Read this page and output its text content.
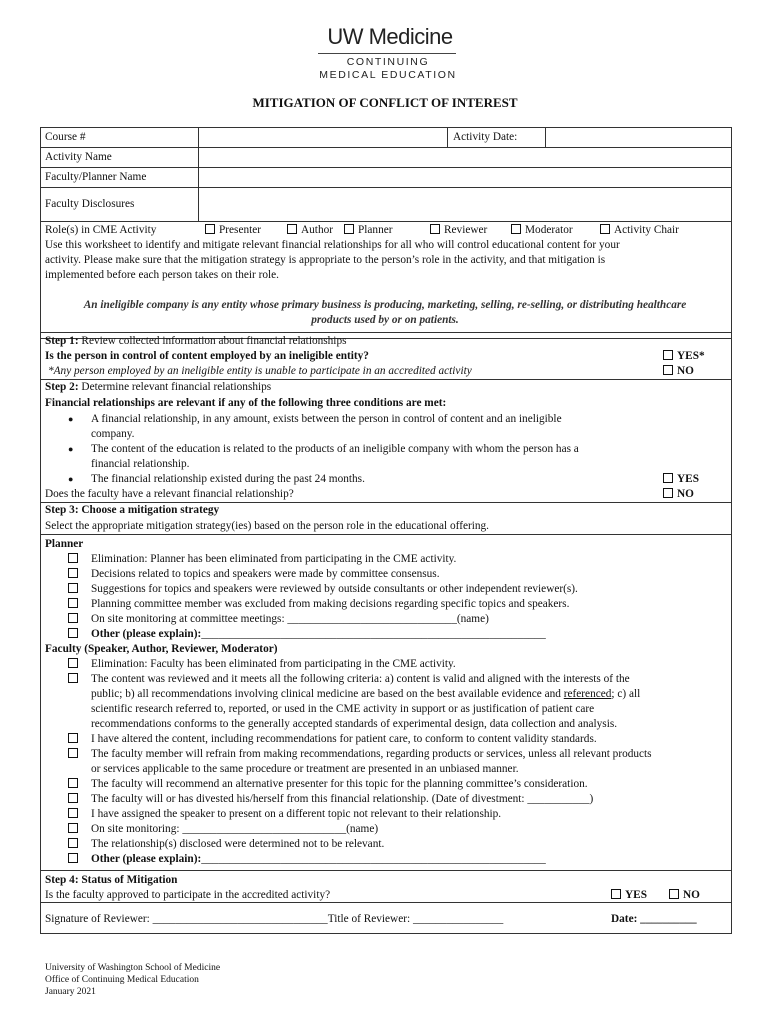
UW Medicine
CONTINUING
MEDICAL EDUCATION
MITIGATION OF CONFLICT OF INTEREST
Course #	Activity Date:
Activity Name
Faculty/Planner Name
Faculty Disclosures
Role(s) in CME Activity	Presenter	Author	Planner	Reviewer	Moderator	Activity Chair
Use this worksheet to identify and mitigate relevant financial relationships for all who will control educational content for your
activity. Please make sure that the mitigation strategy is appropriate to the person’s role in the activity, and that mitigation is
implemented before each person takes on their role.
An ineligible company is any entity whose primary business is producing, marketing, selling, re-selling, or distributing healthcare
products used by or on patients.
Step 1: Review collected information about financial relationships
Is the person in control of content employed by an ineligible entity?
*Any person employed by an ineligible entity is unable to participate in an accredited activity
YES*
NO
Step 2: Determine relevant financial relationships
Financial relationships are relevant if any of the following three conditions are met:
● A financial relationship, in any amount, exists between the person in control of content and an ineligible
company.
● The content of the education is related to the products of an ineligible company with whom the person has a
financial relationship.
● The financial relationship existed during the past 24 months.
Does the faculty have a relevant financial relationship?
YES
NO
Step 3: Choose a mitigation strategy
Select the appropriate mitigation strategy(ies) based on the person role in the educational offering.
Planner
Elimination: Planner has been eliminated from participating in the CME activity.
Decisions related to topics and speakers were made by committee consensus.
Suggestions for topics and speakers were reviewed by outside consultants or other independent reviewer(s).
Planning committee member was excluded from making decisions regarding specific topics and speakers.
On site monitoring at committee meetings: ______________________________(name)
Other (please explain):_____________________________________________________________
Faculty (Speaker, Author, Reviewer, Moderator)
Elimination: Faculty has been eliminated from participating in the CME activity.
The content was reviewed and it meets all the following criteria: a) content is valid and aligned with the interests of the
public; b) all recommendations involving clinical medicine are based on the best available evidence and referenced; c) all
scientific research referred to, reported, or used in the CME activity in support or as justification of patient care
recommendations conforms to the generally accepted standards of experimental design, data collection and analysis.
I have altered the content, including recommendations for patient care, to conform to content validity standards.
The faculty member will refrain from making recommendations, regarding products or services, unless all relevant products
or services applicable to the same procedure or treatment are presented in an unbiased manner.
The faculty will recommend an alternative presenter for this topic for the planning committee’s consideration.
The faculty will or has divested his/herself from this financial relationship. (Date of divestment: ___________)
I have assigned the speaker to present on a different topic not relevant to their relationship.
On site monitoring: _____________________________(name)
The relationship(s) disclosed were determined not to be relevant.
Other (please explain):_____________________________________________________________
Step 4: Status of Mitigation
Is the faculty approved to participate in the accredited activity?	YES	NO
Signature of Reviewer: _______________________________Title of Reviewer: ________________	Date: __________
University of Washington School of Medicine
Office of Continuing Medical Education
January 2021
